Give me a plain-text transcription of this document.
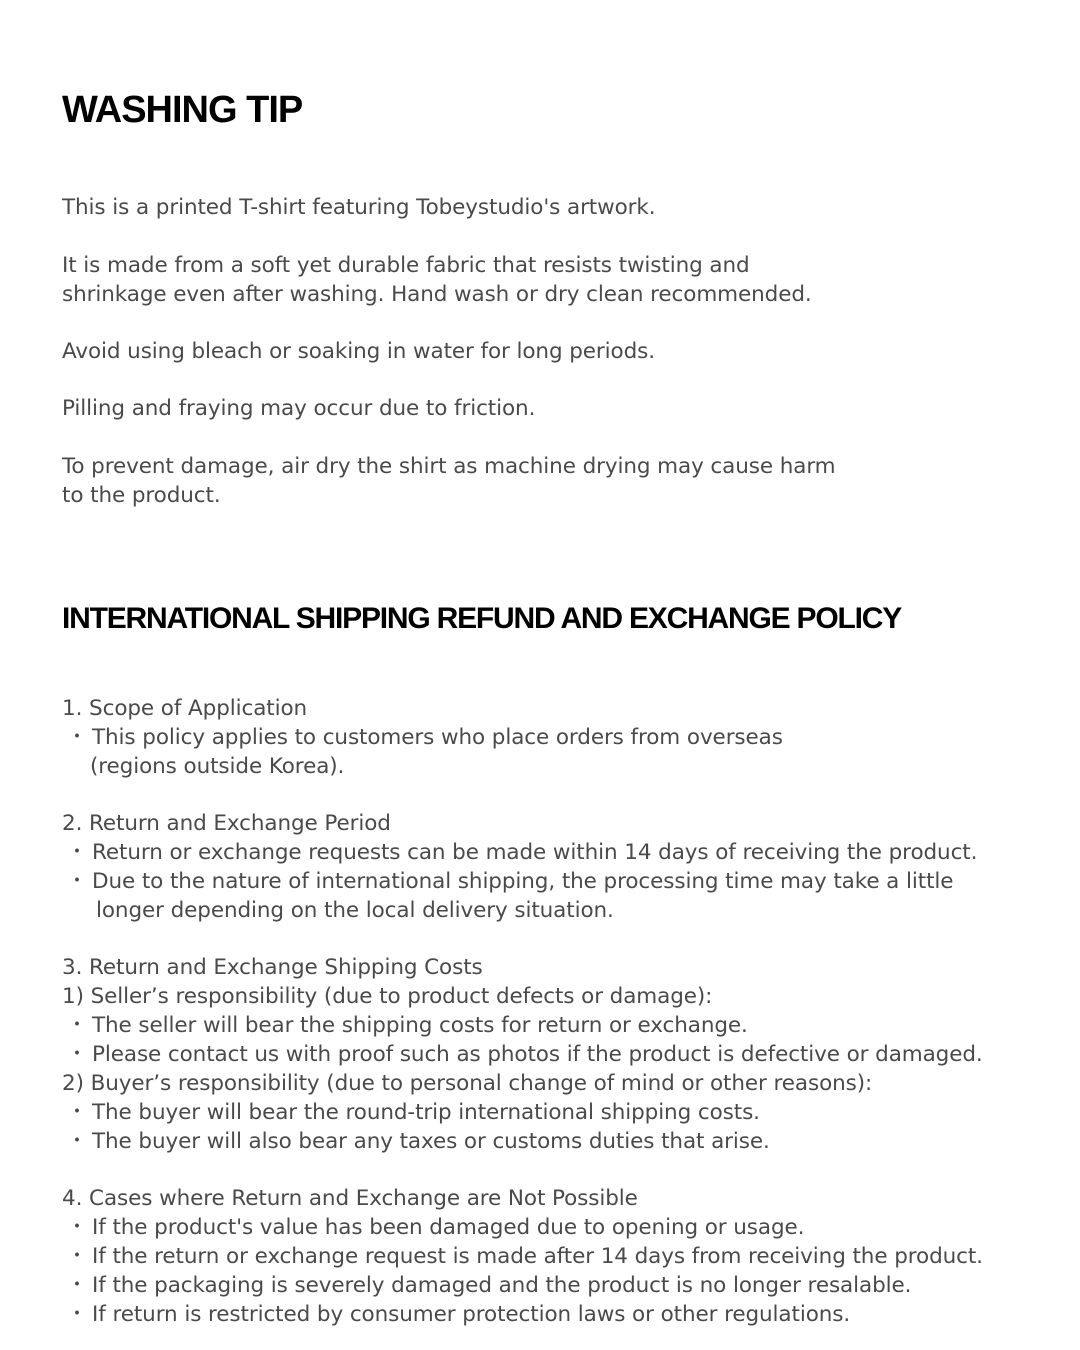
WASHING TIP
This is a printed T-shirt featuring Tobeystudio's artwork.
It is made from a soft yet durable fabric that resists twisting and
shrinkage even after washing. Hand wash or dry clean recommended.
Avoid using bleach or soaking in water for long periods.
Pilling and fraying may occur due to friction.
To prevent damage, air dry the shirt as machine drying may cause harm
to the product.
INTERNATIONAL SHIPPING REFUND AND EXCHANGE POLICY
1. Scope of Application
・ This policy applies to customers who place orders from overseas
(regions outside Korea).
2. Return and Exchange Period
・ Return or exchange requests can be made within 14 days of receiving the product.
・ Due to the nature of international shipping, the processing time may take a little
longer depending on the local delivery situation.
3. Return and Exchange Shipping Costs
1) Seller’s responsibility (due to product defects or damage):
・ The seller will bear the shipping costs for return or exchange.
・ Please contact us with proof such as photos if the product is defective or damaged.
2) Buyer’s responsibility (due to personal change of mind or other reasons):
・ The buyer will bear the round-trip international shipping costs.
・ The buyer will also bear any taxes or customs duties that arise.
4. Cases where Return and Exchange are Not Possible
・ If the product's value has been damaged due to opening or usage.
・ If the return or exchange request is made after 14 days from receiving the product.
・ If the packaging is severely damaged and the product is no longer resalable.
・ If return is restricted by consumer protection laws or other regulations.
